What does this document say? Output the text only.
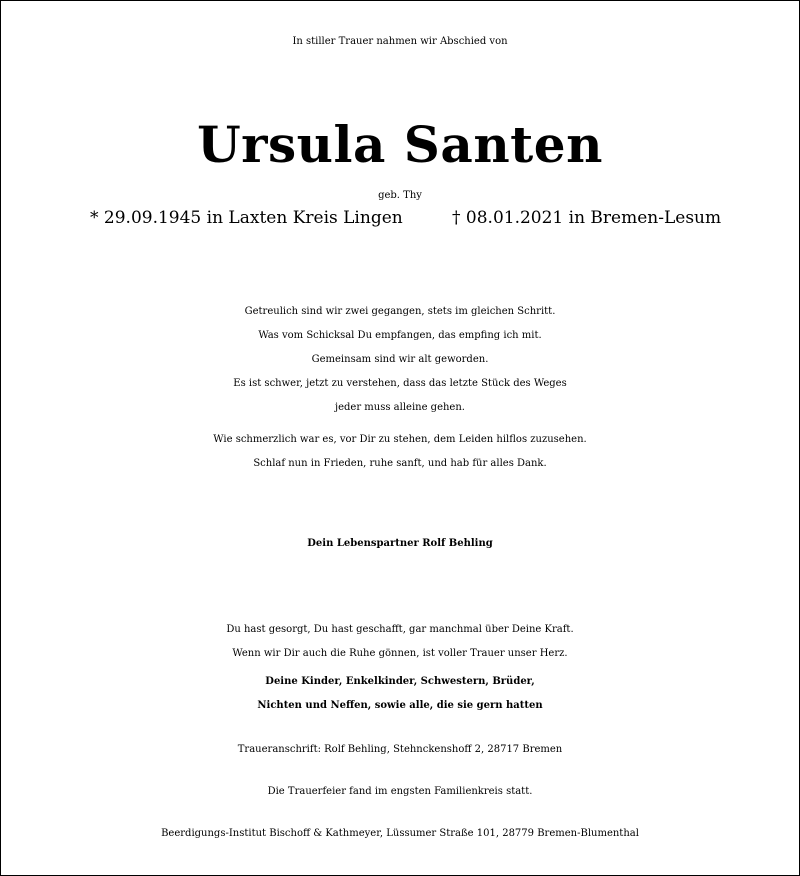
In stiller Trauer nahmen wir Abschied von
Ursula Santen
geb. Thy
* 29.09.1945 in Laxten Kreis Lingen	† 08.01.2021 in Bremen-Lesum
Getreulich sind wir zwei gegangen, stets im gleichen Schritt.
Was vom Schicksal Du empfangen, das empfing ich mit.
Gemeinsam sind wir alt geworden.
Es ist schwer, jetzt zu verstehen, dass das letzte Stück des Weges
jeder muss alleine gehen.
Wie schmerzlich war es, vor Dir zu stehen, dem Leiden hilflos zuzusehen.
Schlaf nun in Frieden, ruhe sanft, und hab für alles Dank.
Dein Lebenspartner Rolf Behling
Du hast gesorgt, Du hast geschafft, gar manchmal über Deine Kraft.
Wenn wir Dir auch die Ruhe gönnen, ist voller Trauer unser Herz.
Deine Kinder, Enkelkinder, Schwestern, Brüder,
Nichten und Neffen, sowie alle, die sie gern hatten
Traueranschrift: Rolf Behling, Stehnckenshoff 2, 28717 Bremen
Die Trauerfeier fand im engsten Familienkreis statt.
Beerdigungs-Institut Bischoff & Kathmeyer, Lüssumer Straße 101, 28779 Bremen-Blumenthal
